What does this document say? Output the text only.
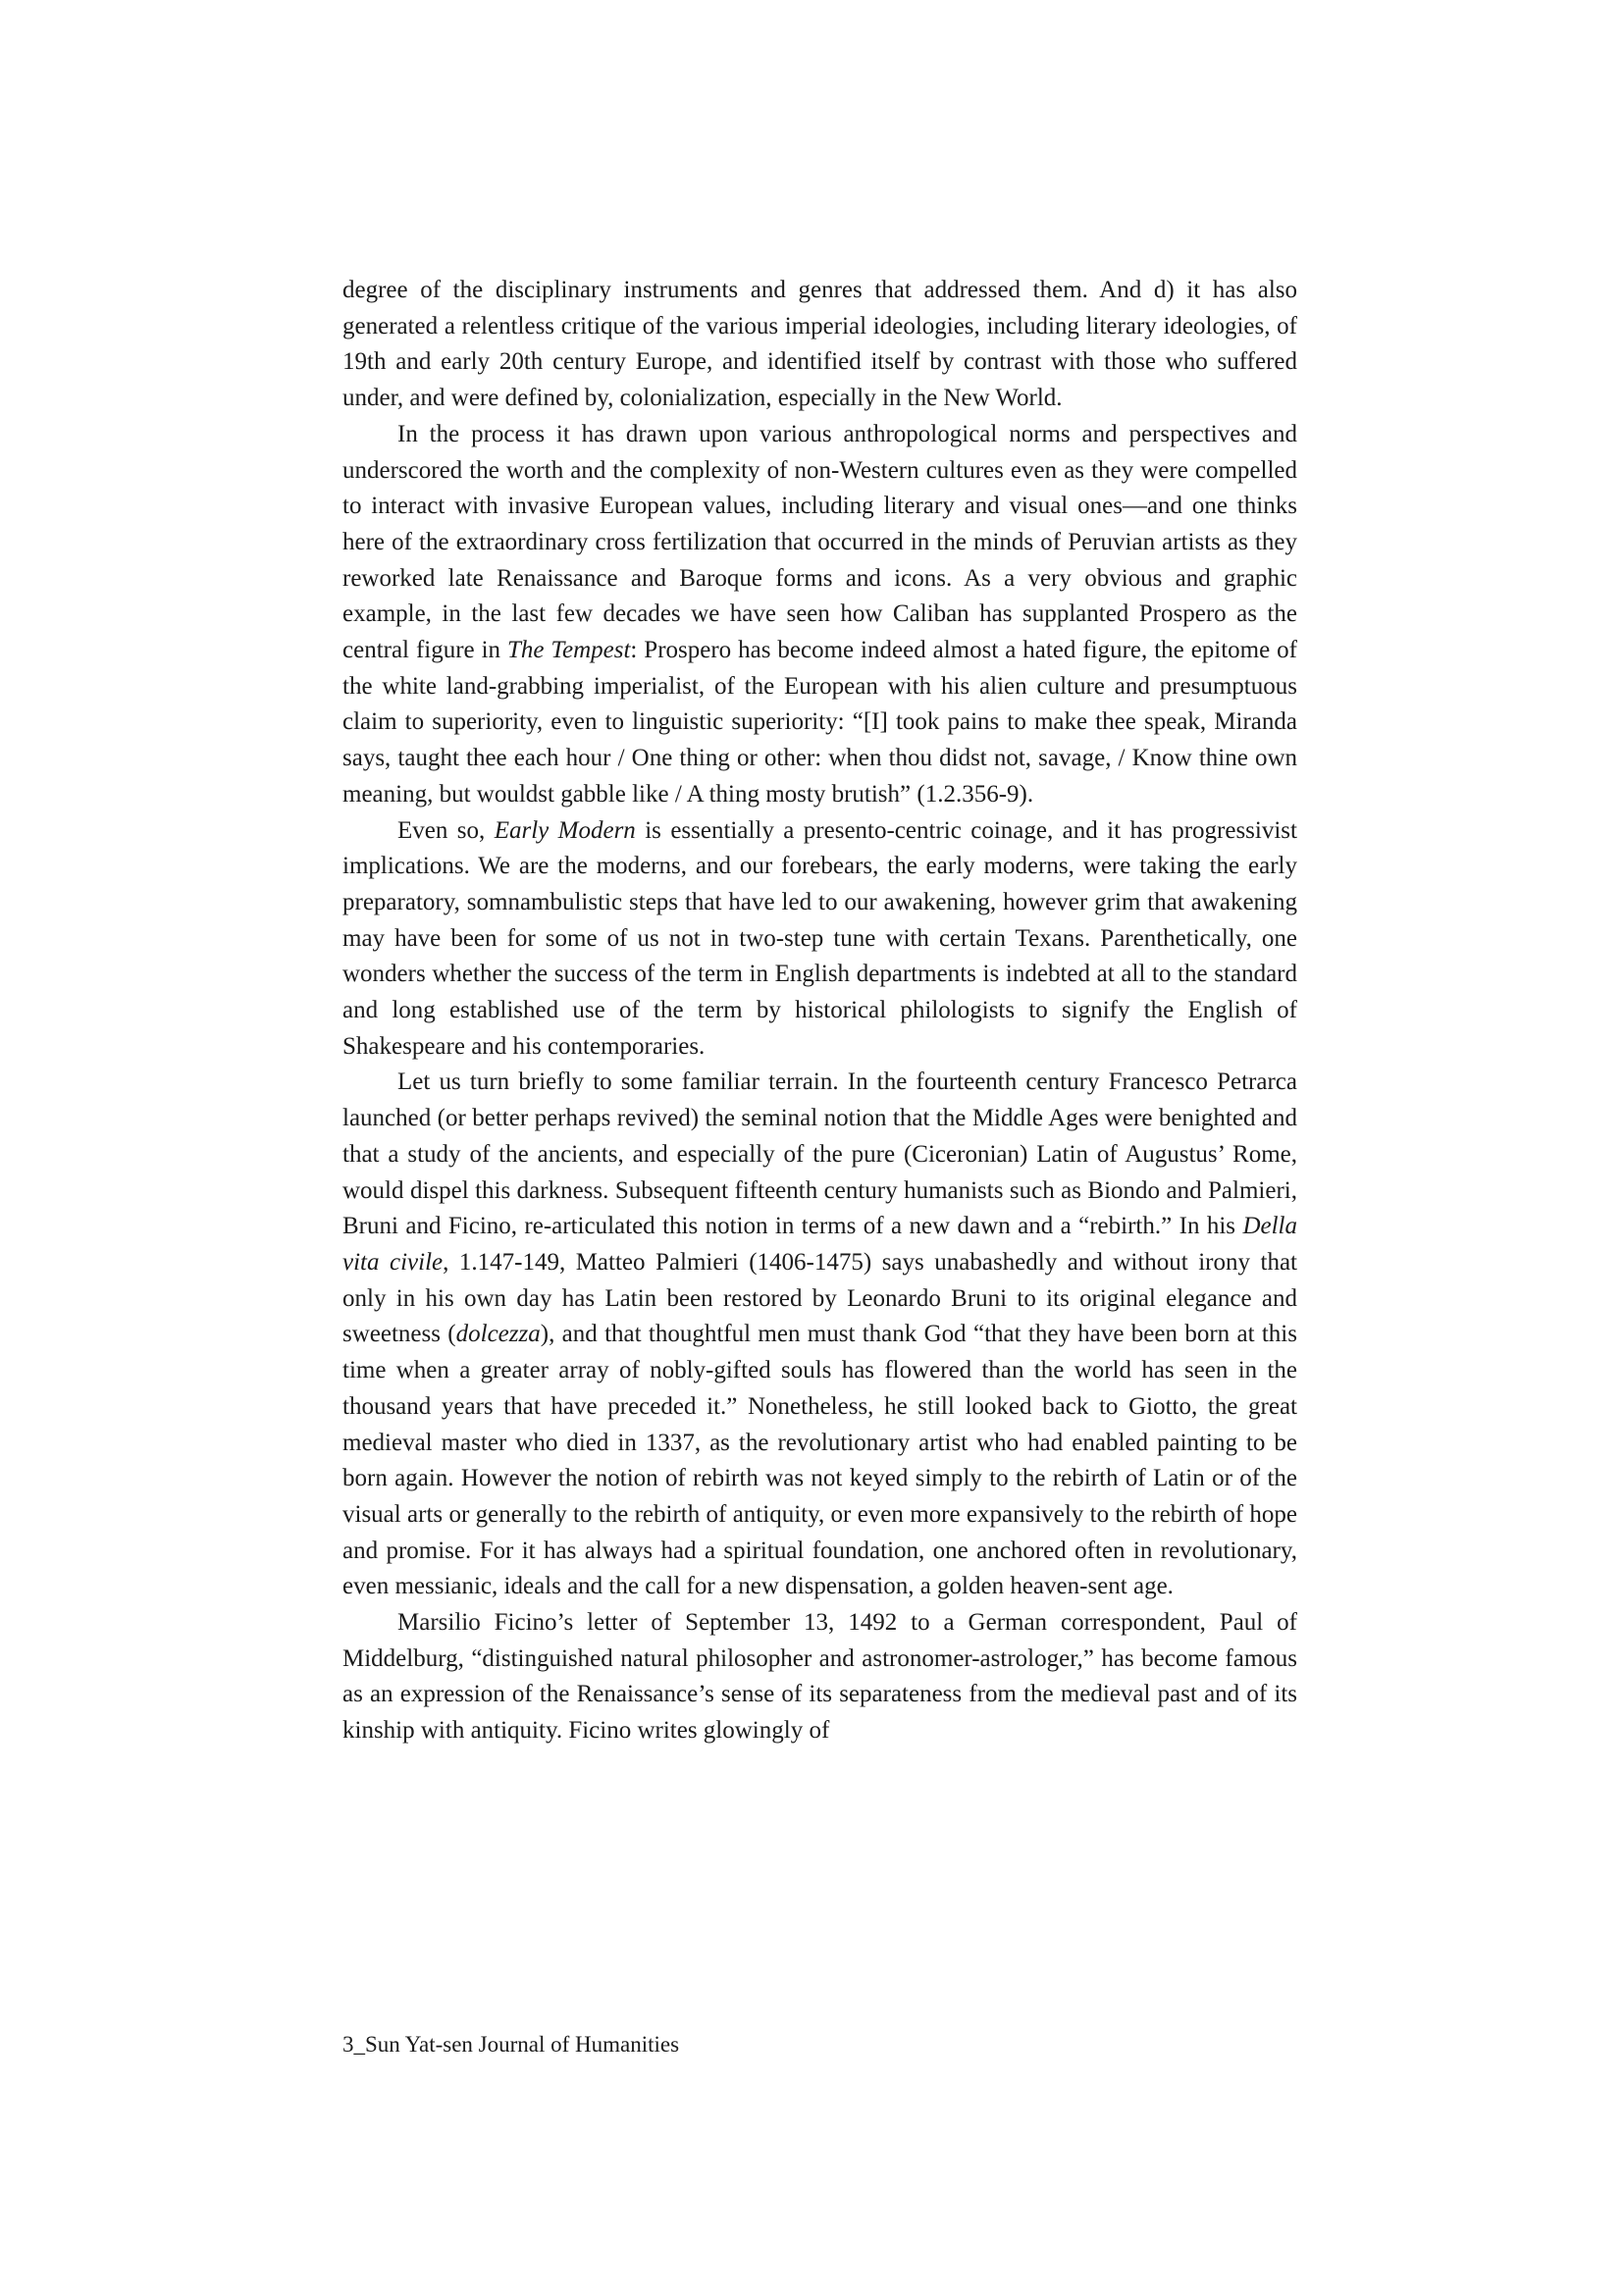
degree of the disciplinary instruments and genres that addressed them. And d) it has also generated a relentless critique of the various imperial ideologies, including literary ideologies, of 19th and early 20th century Europe, and identified itself by contrast with those who suffered under, and were defined by, colonialization, especially in the New World.

In the process it has drawn upon various anthropological norms and perspectives and underscored the worth and the complexity of non-Western cultures even as they were compelled to interact with invasive European values, including literary and visual ones—and one thinks here of the extraordinary cross fertilization that occurred in the minds of Peruvian artists as they reworked late Renaissance and Baroque forms and icons. As a very obvious and graphic example, in the last few decades we have seen how Caliban has supplanted Prospero as the central figure in The Tempest: Prospero has become indeed almost a hated figure, the epitome of the white land-grabbing imperialist, of the European with his alien culture and presumptuous claim to superiority, even to linguistic superiority: “[I] took pains to make thee speak, Miranda says, taught thee each hour / One thing or other: when thou didst not, savage, / Know thine own meaning, but wouldst gabble like / A thing mosty brutish” (1.2.356-9).

Even so, Early Modern is essentially a presento-centric coinage, and it has progressivist implications. We are the moderns, and our forebears, the early moderns, were taking the early preparatory, somnambulistic steps that have led to our awakening, however grim that awakening may have been for some of us not in two-step tune with certain Texans. Parenthetically, one wonders whether the success of the term in English departments is indebted at all to the standard and long established use of the term by historical philologists to signify the English of Shakespeare and his contemporaries.

Let us turn briefly to some familiar terrain. In the fourteenth century Francesco Petrarca launched (or better perhaps revived) the seminal notion that the Middle Ages were benighted and that a study of the ancients, and especially of the pure (Ciceronian) Latin of Augustus’ Rome, would dispel this darkness. Subsequent fifteenth century humanists such as Biondo and Palmieri, Bruni and Ficino, re-articulated this notion in terms of a new dawn and a “rebirth.” In his Della vita civile, 1.147-149, Matteo Palmieri (1406-1475) says unabashedly and without irony that only in his own day has Latin been restored by Leonardo Bruni to its original elegance and sweetness (dolcezza), and that thoughtful men must thank God “that they have been born at this time when a greater array of nobly-gifted souls has flowered than the world has seen in the thousand years that have preceded it.” Nonetheless, he still looked back to Giotto, the great medieval master who died in 1337, as the revolutionary artist who had enabled painting to be born again. However the notion of rebirth was not keyed simply to the rebirth of Latin or of the visual arts or generally to the rebirth of antiquity, or even more expansively to the rebirth of hope and promise. For it has always had a spiritual foundation, one anchored often in revolutionary, even messianic, ideals and the call for a new dispensation, a golden heaven-sent age.

Marsilio Ficino’s letter of September 13, 1492 to a German correspondent, Paul of Middelburg, “distinguished natural philosopher and astronomer-astrologer,” has become famous as an expression of the Renaissance’s sense of its separateness from the medieval past and of its kinship with antiquity. Ficino writes glowingly of

3_Sun Yat-sen Journal of Humanities
